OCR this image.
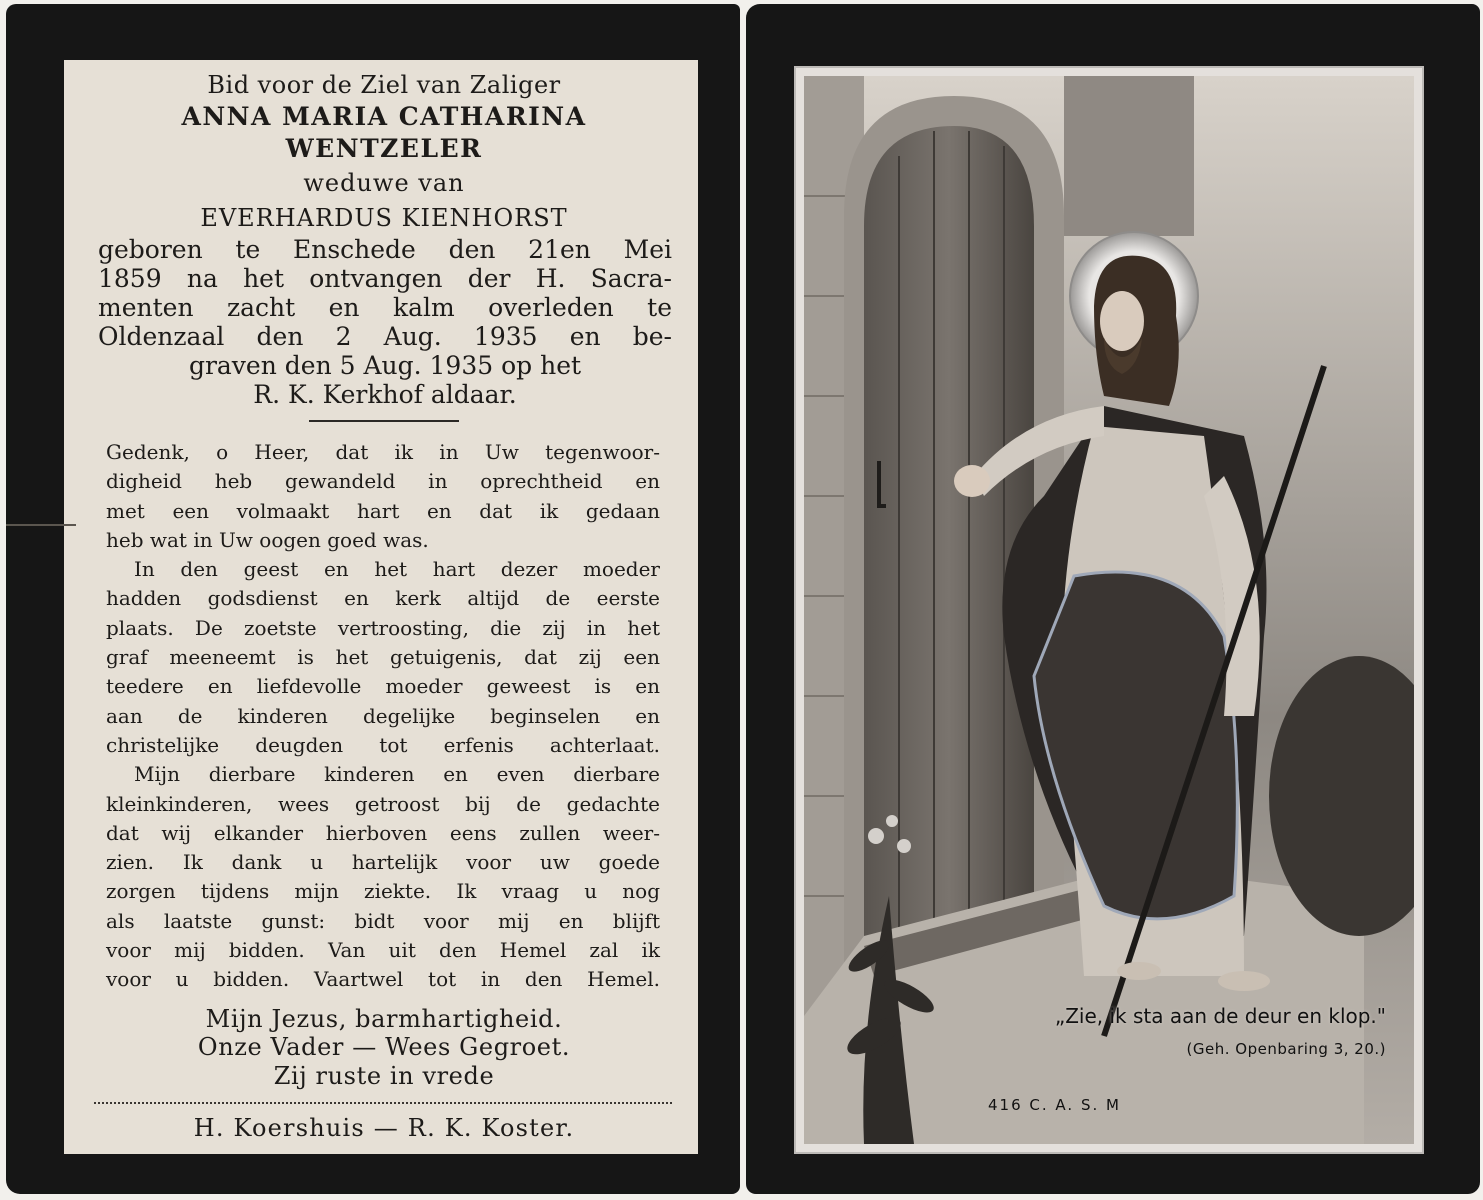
Bid voor de Ziel van Zaliger

ANNA MARIA CATHARINA

WENTZELER

weduwe van

EVERHARDUS KIENHORST

geboren te Enschede den 21en Mei

1859 na het ontvangen der H. Sacra-

menten zacht en kalm overleden te

Oldenzaal den 2 Aug. 1935 en be-

graven den 5 Aug. 1935 op het

R. K. Kerkhof aldaar.

Gedenk, o Heer, dat ik in Uw tegenwoor-

digheid heb gewandeld in oprechtheid en

met een volmaakt hart en dat ik gedaan

heb wat in Uw oogen goed was.

In den geest en het hart dezer moeder

hadden godsdienst en kerk altijd de eerste

plaats. De zoetste vertroosting, die zij in het

graf meeneemt is het getuigenis, dat zij een

teedere en liefdevolle moeder geweest is en

aan de kinderen degelijke beginselen en

christelijke deugden tot erfenis achterlaat.

Mijn dierbare kinderen en even dierbare

kleinkinderen, wees getroost bij de gedachte

dat wij elkander hierboven eens zullen weer-

zien. Ik dank u hartelijk voor uw goede

zorgen tijdens mijn ziekte. Ik vraag u nog

als laatste gunst: bidt voor mij en blijft

voor mij bidden. Van uit den Hemel zal ik

voor u bidden. Vaartwel tot in den Hemel.

Mijn Jezus, barmhartigheid.

Onze Vader — Wees Gegroet.

Zij ruste in vrede

H. Koershuis — R. K. Koster.

„Zie, ik sta aan de deur en klop."
(Geh. Openbaring 3, 20.)
416 C. A. S. M
